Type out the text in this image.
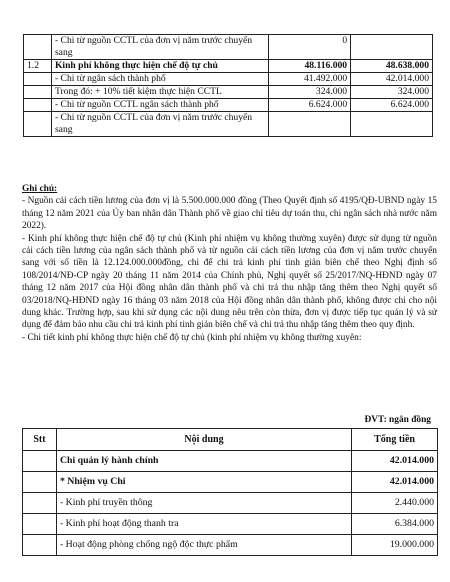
	- Chi từ nguồn CCTL của đơn vị năm trước chuyển sang	0	
1.2	Kinh phí không thực hiện chế độ tự chủ	48.116.000	48.638.000
	- Chi từ ngân sách thành phố	41.492.000	42.014.000
	Trong đó: + 10% tiết kiệm thực hiện CCTL	324.000	324.000
	- Chi từ nguồn CCTL ngân sách thành phố	6.624.000	6.624.000
	- Chi từ nguồn CCTL của đơn vị năm trước chuyển sang		

Ghi chú:

- Nguồn cải cách tiền lương của đơn vị là 5.500.000.000 đồng (Theo Quyết định số 4195/QĐ-UBND ngày 15 tháng 12 năm 2021 của Ủy ban nhân dân Thành phố về giao chỉ tiêu dự toán thu, chi ngân sách nhà nước năm 2022).

- Kinh phí không thực hiện chế độ tự chủ (Kinh phí nhiệm vụ không thường xuyên) được sử dụng từ nguồn cải cách tiền lương của ngân sách thành phố và từ nguồn cải cách tiền lương của đơn vị năm trước chuyển sang với số tiền là 12.124.000.000đồng, chi để chi trả kinh phí tinh giản biên chế theo Nghị định số 108/2014/NĐ-CP ngày 20 tháng 11 năm 2014 của Chính phủ, Nghị quyết số 25/2017/NQ-HĐND ngày 07 tháng 12 năm 2017 của Hội đồng nhân dân thành phố và chi trả thu nhập tăng thêm theo Nghị quyết số 03/2018/NQ-HĐND ngày 16 tháng 03 năm 2018 của Hội đồng nhân dân thành phố, không được chi cho nội dung khác. Trường hợp, sau khi sử dụng các nội dung nêu trên còn thừa, đơn vị được tiếp tục quản lý và sử dụng để đảm bảo nhu cầu chi trả kinh phí tinh giản biên chế và chi trả thu nhập tăng thêm theo quy định.

- Chi tiết kinh phí không thực hiện chế độ tự chủ (kinh phí nhiệm vụ không thường xuyên:

ĐVT: ngân đồng
Stt	Nội dung	Tổng tiền
	Chi quản lý hành chính	42.014.000
	* Nhiệm vụ Chi	42.014.000
	- Kinh phí truyền thông	2.440.000
	- Kinh phí hoạt động thanh tra	6.384.000
	- Hoạt động phòng chống ngộ độc thực phẩm	19.000.000
